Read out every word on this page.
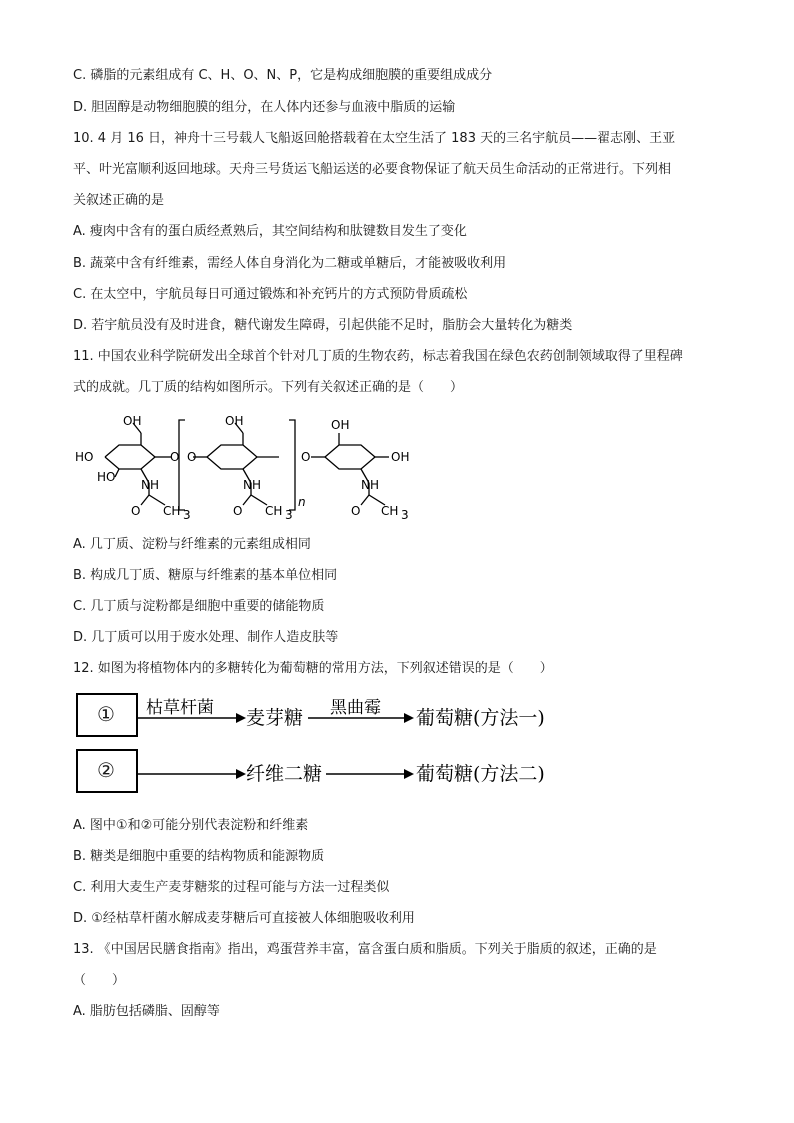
C. 磷脂的元素组成有 C、H、O、N、P，它是构成细胞膜的重要组成成分
D. 胆固醇是动物细胞膜的组分，在人体内还参与血液中脂质的运输
10. 4 月 16 日，神舟十三号载人飞船返回舱搭载着在太空生活了 183 天的三名宇航员——翟志刚、王亚
平、叶光富顺利返回地球。天舟三号货运飞船运送的必要食物保证了航天员生命活动的正常进行。下列相
关叙述正确的是
A. 瘦肉中含有的蛋白质经煮熟后，其空间结构和肽键数目发生了变化
B. 蔬菜中含有纤维素，需经人体自身消化为二糖或单糖后，才能被吸收利用
C. 在太空中，宇航员每日可通过锻炼和补充钙片的方式预防骨质疏松
D. 若宇航员没有及时进食，糖代谢发生障碍，引起供能不足时，脂肪会大量转化为糖类
11. 中国农业科学院研发出全球首个针对几丁质的生物农药，标志着我国在绿色农药创制领域取得了里程碑
式的成就。几丁质的结构如图所示。下列有关叙述正确的是（　　）
OH
HO
HO
O
NH
O CH 3
OH
O
NH
O CH 3
n
O
OH
OH
NH
O CH 3
A. 几丁质、淀粉与纤维素的元素组成相同
B. 构成几丁质、糖原与纤维素的基本单位相同
C. 几丁质与淀粉都是细胞中重要的储能物质
D. 几丁质可以用于废水处理、制作人造皮肤等
12. 如图为将植物体内的多糖转化为葡萄糖的常用方法，下列叙述错误的是（　　）
① 枯草杆菌 麦芽糖 黑曲霉 葡萄糖(方法一)
②	纤维二糖	葡萄糖(方法二)
A. 图中①和②可能分别代表淀粉和纤维素
B. 糖类是细胞中重要的结构物质和能源物质
C. 利用大麦生产麦芽糖浆的过程可能与方法一过程类似
D. ①经枯草杆菌水解成麦芽糖后可直接被人体细胞吸收利用
13. 《中国居民膳食指南》指出，鸡蛋营养丰富，富含蛋白质和脂质。下列关于脂质的叙述，正确的是
（　　）
A. 脂肪包括磷脂、固醇等
